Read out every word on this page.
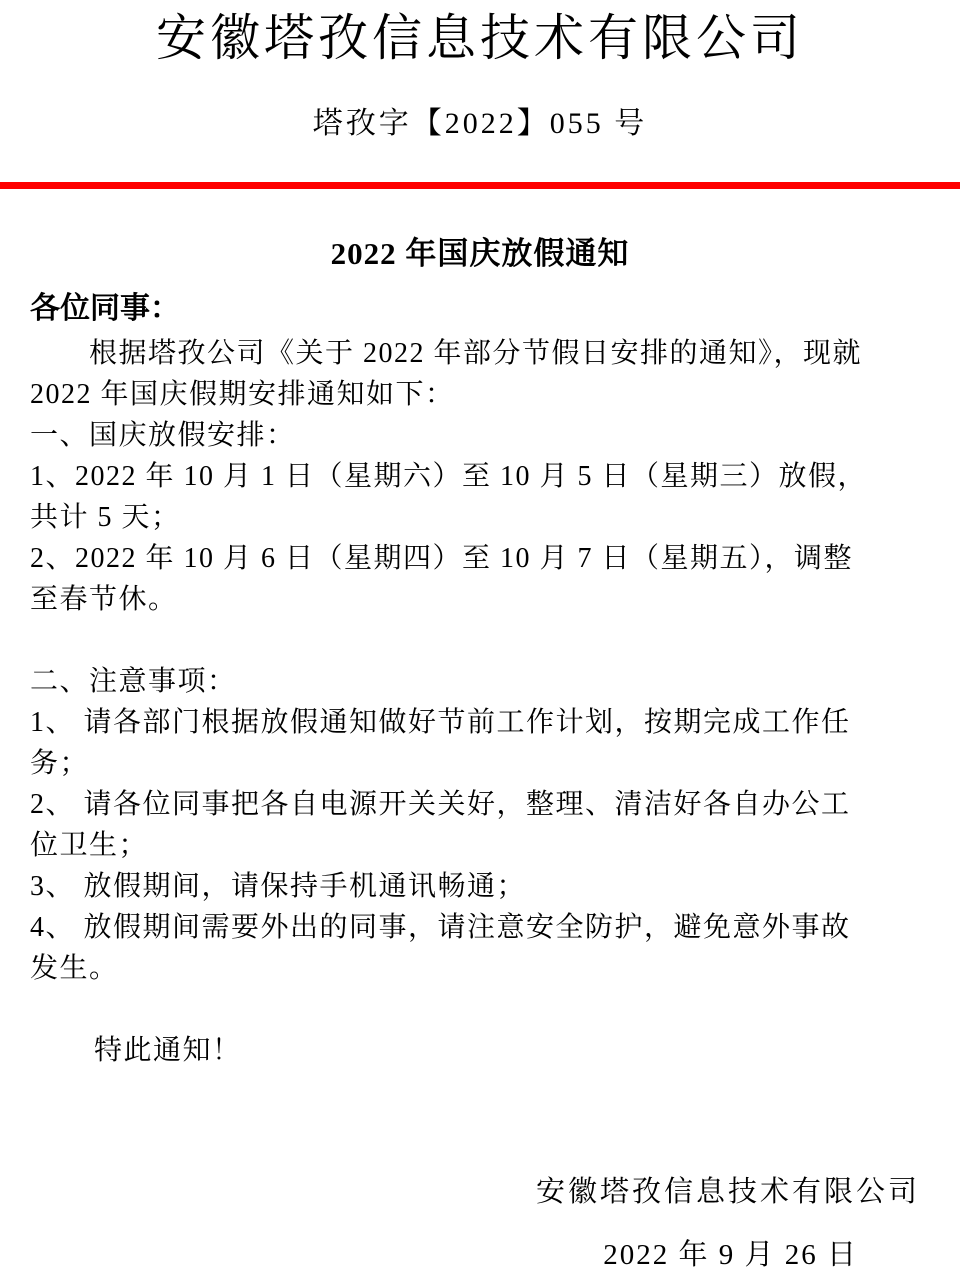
安徽塔孜信息技术有限公司
塔孜字【2022】055 号
2022 年国庆放假通知
各位同事：
　　根据塔孜公司《关于 2022 年部分节假日安排的通知》，现就
2022 年国庆假期安排通知如下：
一、国庆放假安排：
1、2022 年 10 月 1 日（星期六）至 10 月 5 日（星期三）放假，
共计 5 天；
2、2022 年 10 月 6 日（星期四）至 10 月 7 日（星期五），调整
至春节休。
二、注意事项：
1、 请各部门根据放假通知做好节前工作计划，按期完成工作任
务；
2、 请各位同事把各自电源开关关好，整理、清洁好各自办公工
位卫生；
3、 放假期间，请保持手机通讯畅通；
4、 放假期间需要外出的同事，请注意安全防护，避免意外事故
发生。
特此通知！
安徽塔孜信息技术有限公司
2022 年 9 月 26 日
